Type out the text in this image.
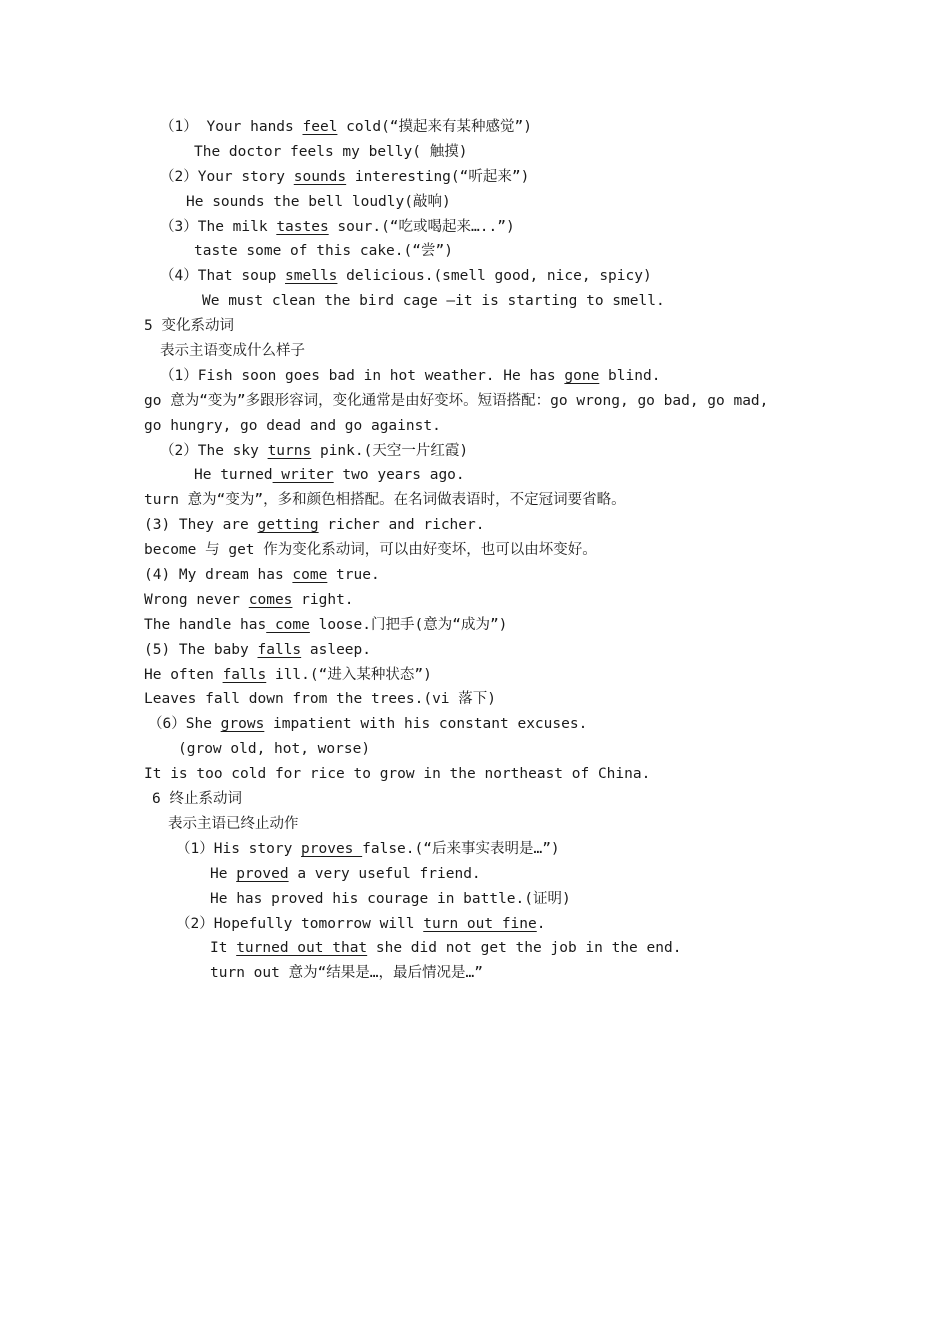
（1） Your hands feel cold(“摸起来有某种感觉”)
The doctor feels my belly( 触摸)
（2）Your story sounds interesting(“听起来”)
He sounds the bell loudly(敲响)
（3）The milk tastes sour.(“吃或喝起来…..”)
taste some of this cake.(“尝”)
（4）That soup smells delicious.(smell good, nice, spicy)
We must clean the bird cage –it is starting to smell.
5 变化系动词
表示主语变成什么样子
（1）Fish soon goes bad in hot weather. He has gone blind.
go 意为“变为”多跟形容词，变化通常是由好变坏。短语搭配：go wrong, go bad, go mad,
go hungry, go dead and go against.
（2）The sky turns pink.(天空一片红霞)
He turned writer two years ago.
turn 意为“变为”，多和颜色相搭配。在名词做表语时，不定冠词要省略。
(3) They are getting richer and richer.
become 与 get 作为变化系动词，可以由好变坏，也可以由坏变好。
(4) My dream has come true.
Wrong never comes right.
The handle has come loose.门把手(意为“成为”)
(5) The baby falls asleep.
He often falls ill.(“进入某种状态”)
Leaves fall down from the trees.(vi 落下)
（6）She grows impatient with his constant excuses.
(grow old, hot, worse)
It is too cold for rice to grow in the northeast of China.
6 终止系动词
表示主语已终止动作
（1）His story proves false.(“后来事实表明是…”)
He proved a very useful friend.
He has proved his courage in battle.(证明)
（2）Hopefully tomorrow will turn out fine.
It turned out that she did not get the job in the end.
turn out 意为“结果是…，最后情况是…”
